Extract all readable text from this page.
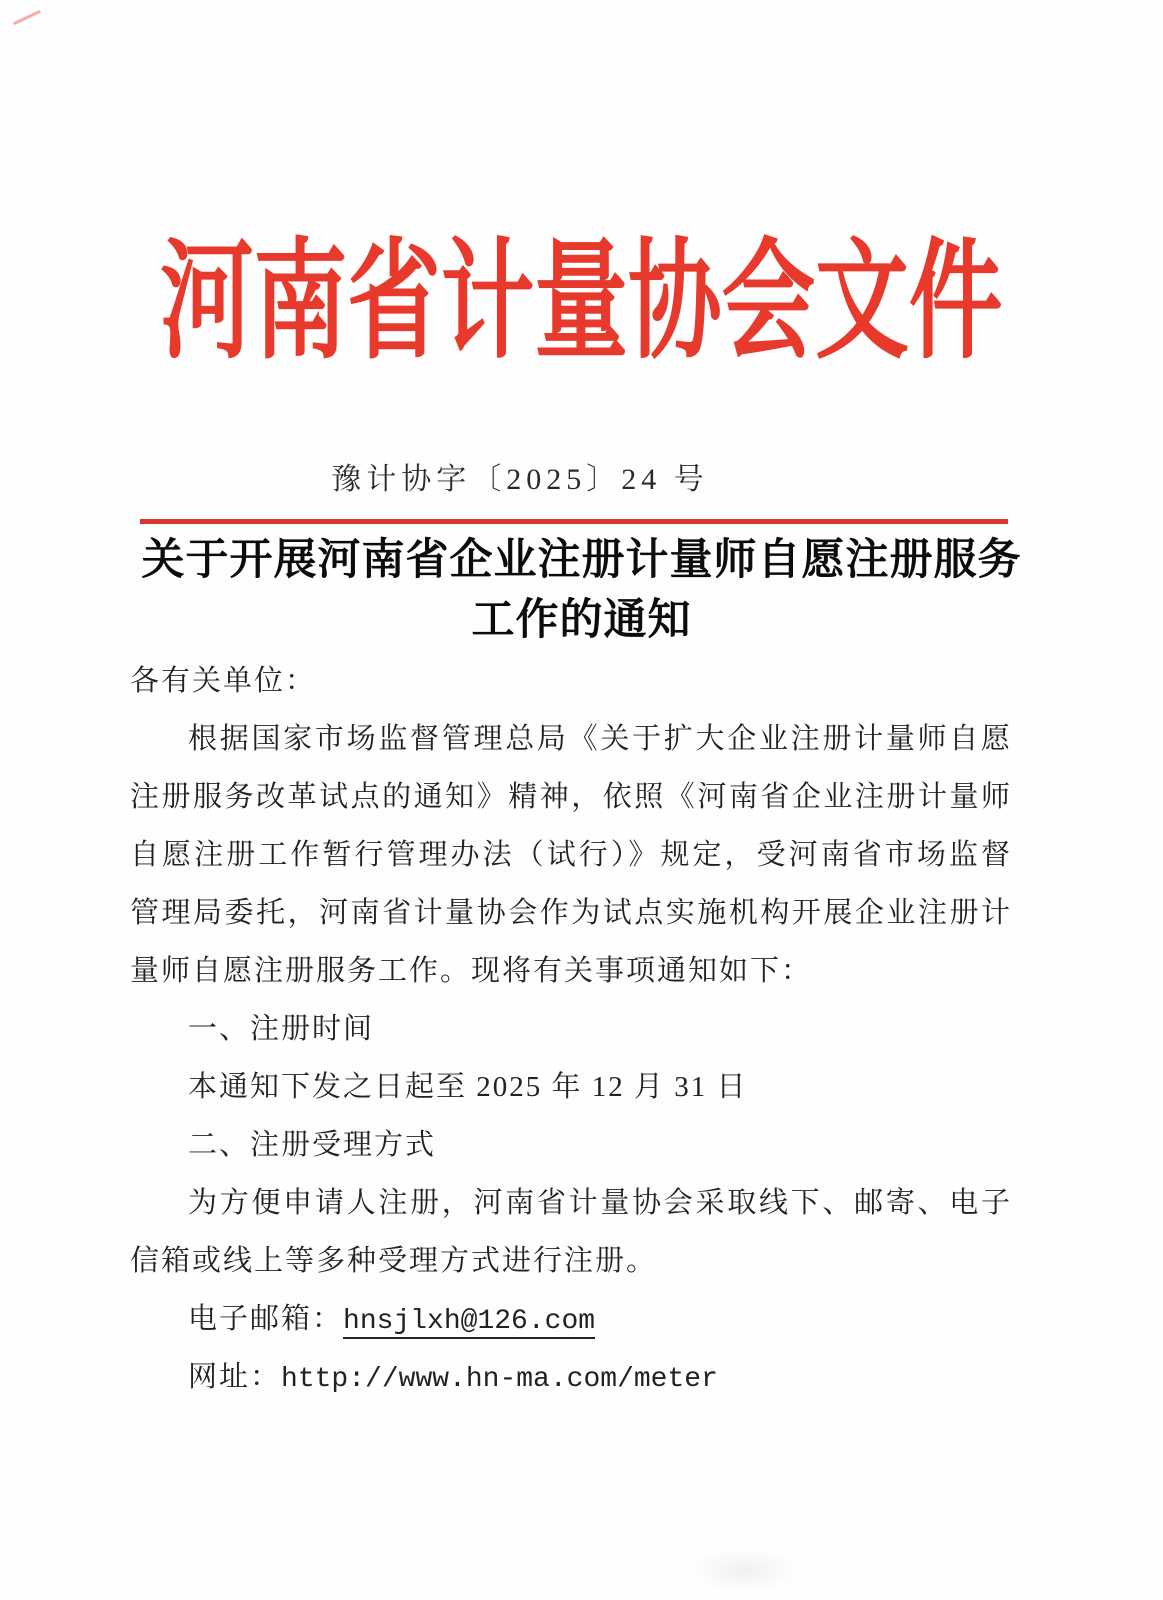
河南省计量协会文件
豫计协字〔2025〕24 号
关于开展河南省企业注册计量师自愿注册服务
工作的通知
各有关单位：
根据国家市场监督管理总局《关于扩大企业注册计量师自愿
注册服务改革试点的通知》精神，依照《河南省企业注册计量师
自愿注册工作暂行管理办法（试行）》规定，受河南省市场监督
管理局委托，河南省计量协会作为试点实施机构开展企业注册计
量师自愿注册服务工作。现将有关事项通知如下：
一、注册时间
本通知下发之日起至 2025 年 12 月 31 日
二、注册受理方式
为方便申请人注册，河南省计量协会采取线下、邮寄、电子
信箱或线上等多种受理方式进行注册。
电子邮箱：hnsjlxh@126.com
网址：http://www.hn-ma.com/meter
